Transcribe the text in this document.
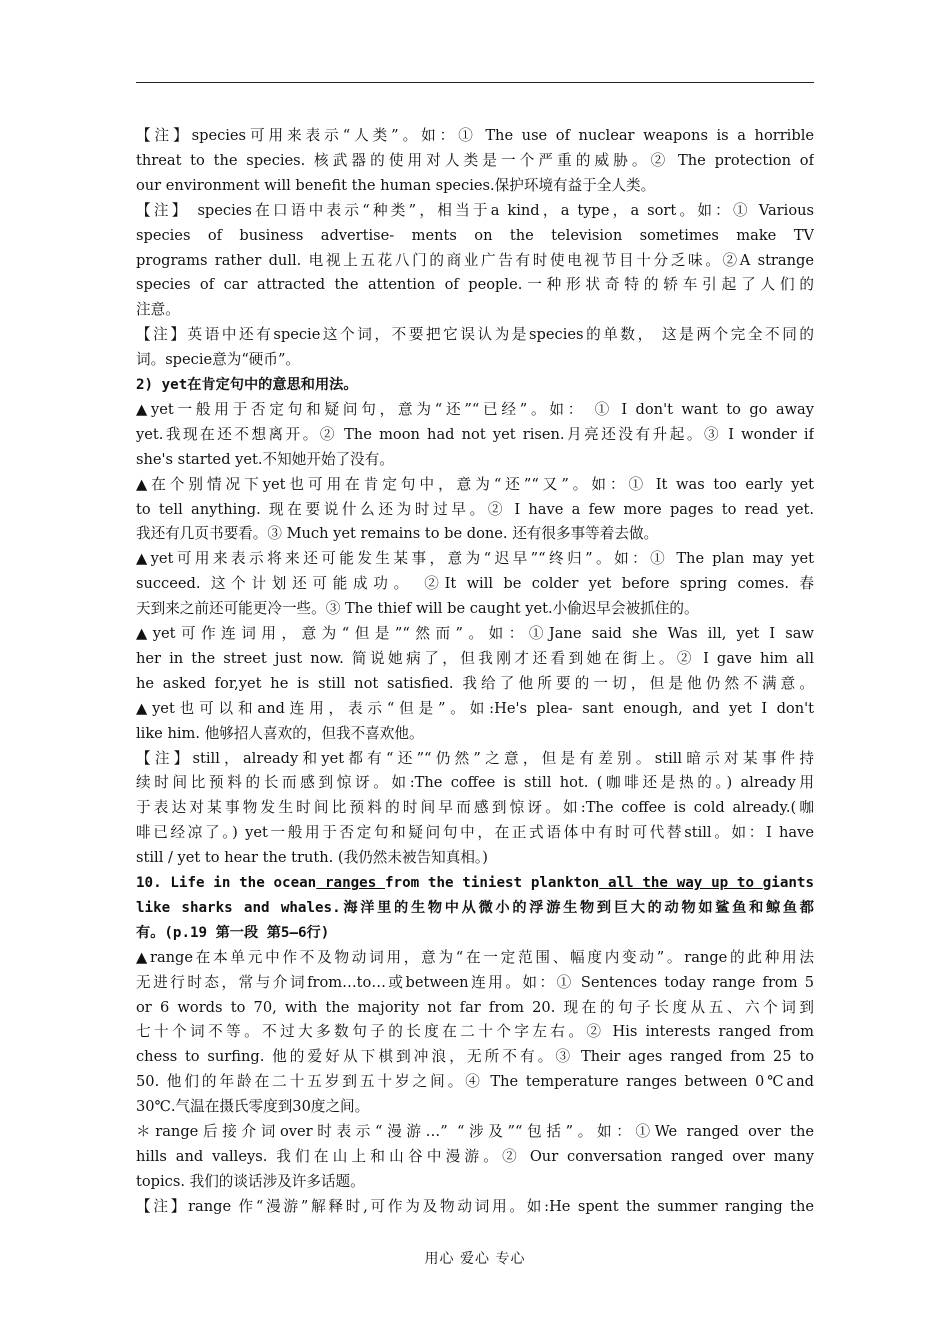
【注】species可用来表示“人类”。如：① The use of nuclear weapons is a horrible
threat to the species. 核武器的使用对人类是一个严重的威胁。② The protection of
our environment will benefit the human species.保护环境有益于全人类。
【注】 species在口语中表示“种类”，相当于a kind，a type，a sort。如：① Various
species of business advertise- ments on the television sometimes make TV
programs rather dull. 电视上五花八门的商业广告有时使电视节目十分乏味。②A strange
species of car attracted the attention of people.一种形状奇特的轿车引起了人们的
注意。
【注】英语中还有specie这个词，不要把它误认为是species的单数， 这是两个完全不同的
词。specie意为“硬币”。
2) yet在肯定句中的意思和用法。
▲yet一般用于否定句和疑问句，意为“还”“已经”。如： ① I don't want to go away
yet.我现在还不想离开。② The moon had not yet risen.月亮还没有升起。③ I wonder if
she's started yet.不知她开始了没有。
▲在个别情况下yet也可用在肯定句中，意为“还”“又”。如：① It was too early yet
to tell anything. 现在要说什么还为时过早。② I have a few more pages to read yet.
我还有几页书要看。③ Much yet remains to be done. 还有很多事等着去做。
▲yet可用来表示将来还可能发生某事，意为“迟早”“终归”。如：① The plan may yet
succeed. 这个计划还可能成功。 ②It will be colder yet before spring comes. 春
天到来之前还可能更冷一些。③ The thief will be caught yet.小偷迟早会被抓住的。
▲yet可作连词用，意为“但是”“然而”。如：①Jane said she Was ill, yet I saw
her in the street just now. 简说她病了，但我刚才还看到她在街上。② I gave him all
he asked for,yet he is still not satisfied. 我给了他所要的一切，但是他仍然不满意。
▲yet也可以和and连用，表示“但是”。如:He's plea- sant enough, and yet I don't
like him. 他够招人喜欢的，但我不喜欢他。
【注】still，already和yet都有“还”“仍然”之意，但是有差别。still暗示对某事件持
续时间比预料的长而感到惊讶。如:The coffee is still hot. (咖啡还是热的。) already用
于表达对某事物发生时间比预料的时间早而感到惊讶。如:The coffee is cold already.(咖
啡已经凉了。) yet一般用于否定句和疑问句中，在正式语体中有时可代替still。如：I have
still / yet to hear the truth. (我仍然未被告知真相。)
10. Life in the ocean ranges from the tiniest plankton all the way up to giants
like sharks and whales.海洋里的生物中从微小的浮游生物到巨大的动物如鲨鱼和鲸鱼都
有。(p.19 第一段 第5—6行)
▲range在本单元中作不及物动词用，意为“在一定范围、幅度内变动”。range的此种用法
无进行时态，常与介词from…to…或between连用。如：① Sentences today range from 5
or 6 words to 70, with the majority not far from 20. 现在的句子长度从五、六个词到
七十个词不等。不过大多数句子的长度在二十个字左右。② His interests ranged from
chess to surfing. 他的爱好从下棋到冲浪，无所不有。③ Their ages ranged from 25 to
50. 他们的年龄在二十五岁到五十岁之间。④ The temperature ranges between 0℃and
30℃.气温在摄氏零度到30度之间。
＊range后接介词over时表示“漫游…” “涉及”“包括”。如：①We ranged over the
hills and valleys. 我们在山上和山谷中漫游。② Our conversation ranged over many
topics. 我们的谈话涉及许多话题。
【注】range 作“漫游”解释时,可作为及物动词用。如:He spent the summer ranging the
用心 爱心 专心
